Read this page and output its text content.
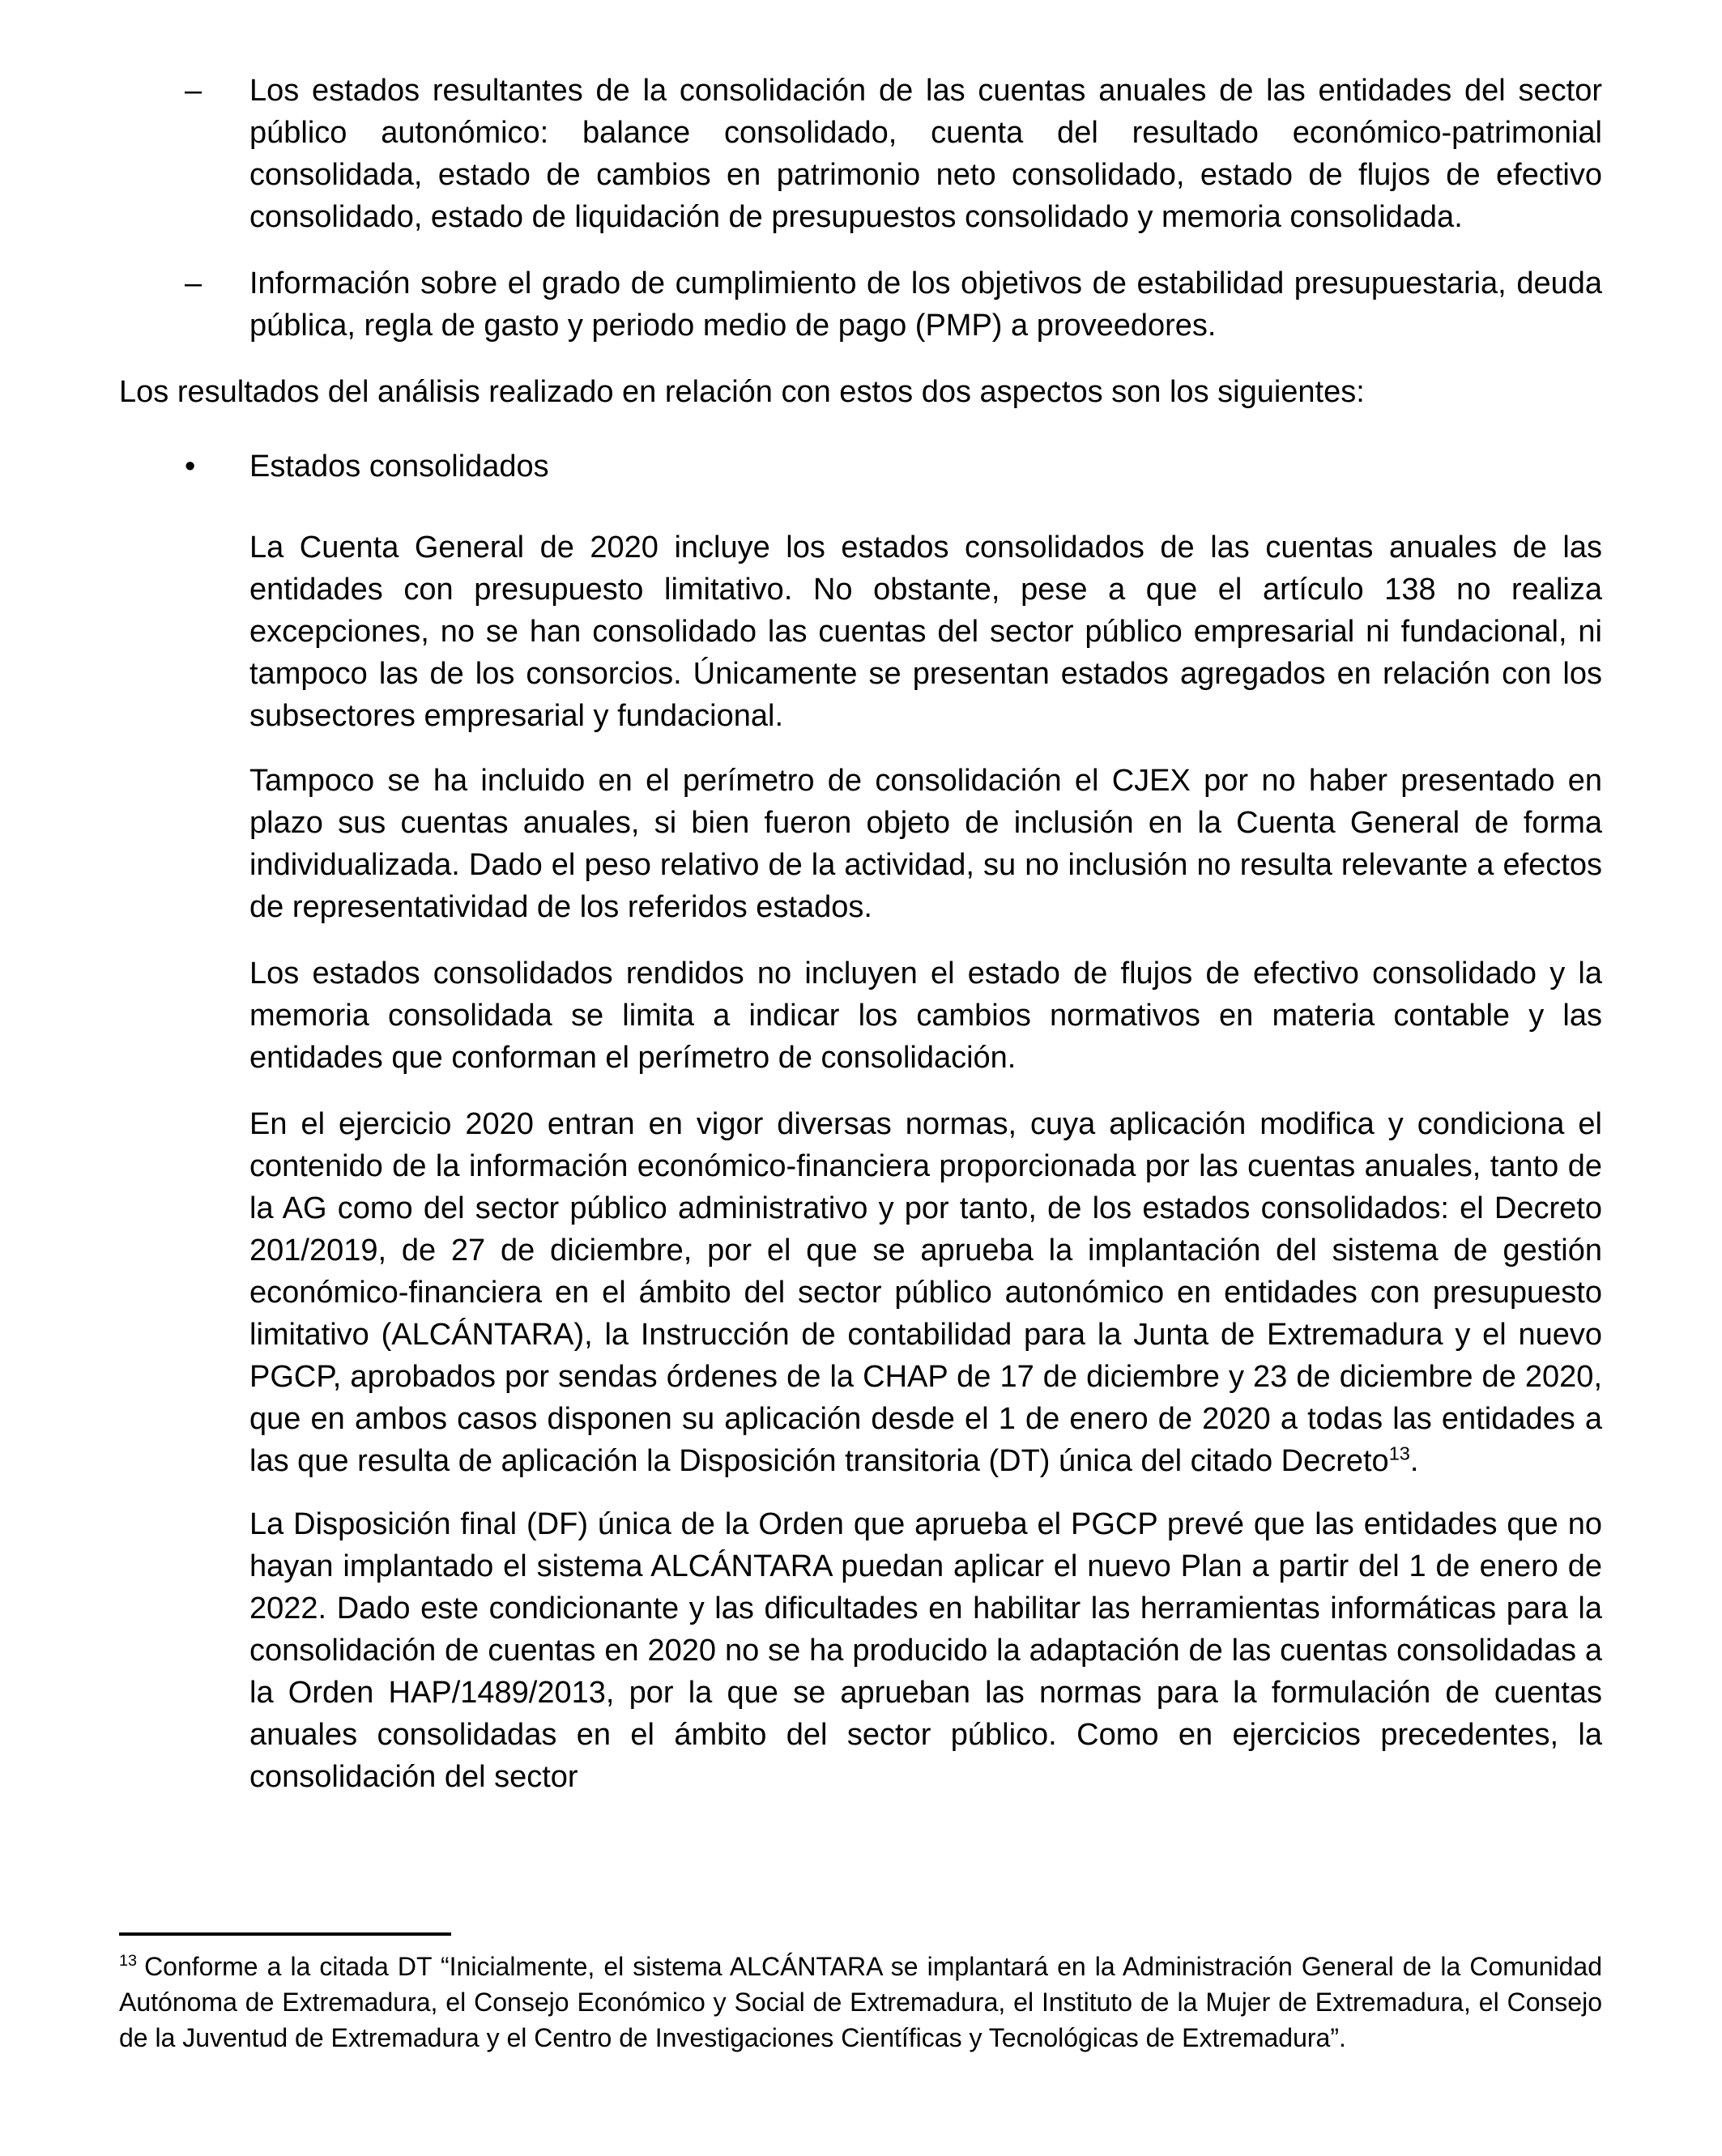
– Los estados resultantes de la consolidación de las cuentas anuales de las entidades del sector público autonómico: balance consolidado, cuenta del resultado económico-patrimonial consolidada, estado de cambios en patrimonio neto consolidado, estado de flujos de efectivo consolidado, estado de liquidación de presupuestos consolidado y memoria consolidada.

– Información sobre el grado de cumplimiento de los objetivos de estabilidad presupuestaria, deuda pública, regla de gasto y periodo medio de pago (PMP) a proveedores.

Los resultados del análisis realizado en relación con estos dos aspectos son los siguientes:

• Estados consolidados

La Cuenta General de 2020 incluye los estados consolidados de las cuentas anuales de las entidades con presupuesto limitativo. No obstante, pese a que el artículo 138 no realiza excepciones, no se han consolidado las cuentas del sector público empresarial ni fundacional, ni tampoco las de los consorcios. Únicamente se presentan estados agregados en relación con los subsectores empresarial y fundacional.

Tampoco se ha incluido en el perímetro de consolidación el CJEX por no haber presentado en plazo sus cuentas anuales, si bien fueron objeto de inclusión en la Cuenta General de forma individualizada. Dado el peso relativo de la actividad, su no inclusión no resulta relevante a efectos de representatividad de los referidos estados.

Los estados consolidados rendidos no incluyen el estado de flujos de efectivo consolidado y la memoria consolidada se limita a indicar los cambios normativos en materia contable y las entidades que conforman el perímetro de consolidación.

En el ejercicio 2020 entran en vigor diversas normas, cuya aplicación modifica y condiciona el contenido de la información económico-financiera proporcionada por las cuentas anuales, tanto de la AG como del sector público administrativo y por tanto, de los estados consolidados: el Decreto 201/2019, de 27 de diciembre, por el que se aprueba la implantación del sistema de gestión económico-financiera en el ámbito del sector público autonómico en entidades con presupuesto limitativo (ALCÁNTARA), la Instrucción de contabilidad para la Junta de Extremadura y el nuevo PGCP, aprobados por sendas órdenes de la CHAP de 17 de diciembre y 23 de diciembre de 2020, que en ambos casos disponen su aplicación desde el 1 de enero de 2020 a todas las entidades a las que resulta de aplicación la Disposición transitoria (DT) única del citado Decreto$^{13}$.

La Disposición final (DF) única de la Orden que aprueba el PGCP prevé que las entidades que no hayan implantado el sistema ALCÁNTARA puedan aplicar el nuevo Plan a partir del 1 de enero de 2022. Dado este condicionante y las dificultades en habilitar las herramientas informáticas para la consolidación de cuentas en 2020 no se ha producido la adaptación de las cuentas consolidadas a la Orden HAP/1489/2013, por la que se aprueban las normas para la formulación de cuentas anuales consolidadas en el ámbito del sector público. Como en ejercicios precedentes, la consolidación del sector

$^{13}$ Conforme a la citada DT “Inicialmente, el sistema ALCÁNTARA se implantará en la Administración General de la Comunidad Autónoma de Extremadura, el Consejo Económico y Social de Extremadura, el Instituto de la Mujer de Extremadura, el Consejo de la Juventud de Extremadura y el Centro de Investigaciones Científicas y Tecnológicas de Extremadura”.
